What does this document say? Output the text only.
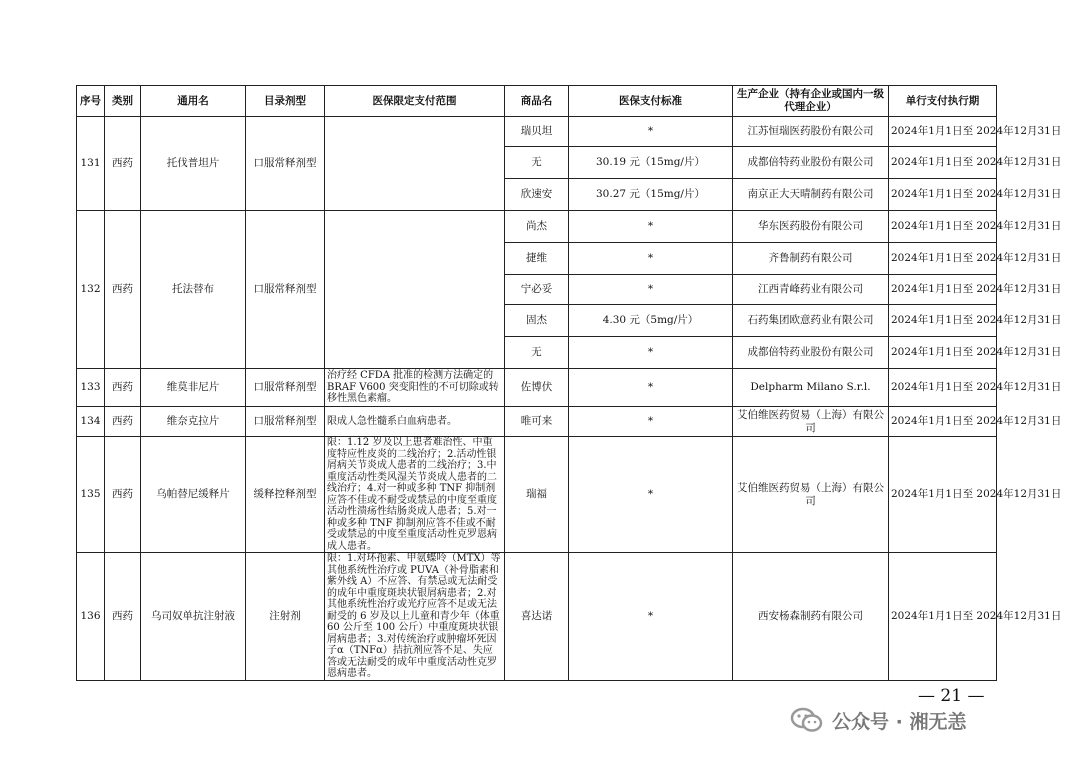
序号	类别	通用名	目录剂型	医保限定支付范围	商品名	医保支付标准	生产企业（持有企业或国内一级代理企业）	单行支付执行期
131	西药	托伐普坦片	口服常释剂型		瑞贝坦	*	江苏恒瑞医药股份有限公司	2024年1月1日至 2024年12月31日
					无	30.19 元（15mg/片）	成都倍特药业股份有限公司	2024年1月1日至 2024年12月31日
					欣速安	30.27 元（15mg/片）	南京正大天晴制药有限公司	2024年1月1日至 2024年12月31日
132	西药	托法替布	口服常释剂型		尚杰	*	华东医药股份有限公司	2024年1月1日至 2024年12月31日
					捷维	*	齐鲁制药有限公司	2024年1月1日至 2024年12月31日
					宁必妥	*	江西青峰药业有限公司	2024年1月1日至 2024年12月31日
					固杰	4.30 元（5mg/片）	石药集团欧意药业有限公司	2024年1月1日至 2024年12月31日
					无	*	成都倍特药业股份有限公司	2024年1月1日至 2024年12月31日
133	西药	维莫非尼片	口服常释剂型	治疗经 CFDA 批准的检测方法确定的 BRAF V600 突变阳性的不可切除或转移性黑色素瘤。	佐博伏	*	Delpharm Milano S.r.l.	2024年1月1日至 2024年12月31日
134	西药	维奈克拉片	口服常释剂型	限成人急性髓系白血病患者。	唯可来	*	艾伯维医药贸易（上海）有限公司	2024年1月1日至 2024年12月31日
135	西药	乌帕替尼缓释片	缓释控释剂型	限：1.12 岁及以上患者难治性、中重度特应性皮炎的二线治疗；2.活动性银屑病关节炎成人患者的二线治疗；3.中重度活动性类风湿关节炎成人患者的二线治疗；4.对一种或多种 TNF 抑制剂应答不佳或不耐受或禁忌的中度至重度活动性溃疡性结肠炎成人患者；5.对一种或多种 TNF 抑制剂应答不佳或不耐受或禁忌的中度至重度活动性克罗恩病成人患者。	瑞福	*	艾伯维医药贸易（上海）有限公司	2024年1月1日至 2024年12月31日
136	西药	乌司奴单抗注射液	注射剂	限：1.对环孢素、甲氨蝶呤（MTX）等其他系统性治疗或 PUVA（补骨脂素和紫外线 A）不应答、有禁忌或无法耐受的成年中重度斑块状银屑病患者；2.对其他系统性治疗或光疗应答不足或无法耐受的 6 岁及以上儿童和青少年（体重 60 公斤至 100 公斤）中重度斑块状银屑病患者；3.对传统治疗或肿瘤坏死因子α（TNFα）拮抗剂应答不足、失应答或无法耐受的成年中重度活动性克罗恩病患者。	喜达诺	*	西安杨森制药有限公司	2024年1月1日至 2024年12月31日
— 21 —
公众号 · 湘无恙
